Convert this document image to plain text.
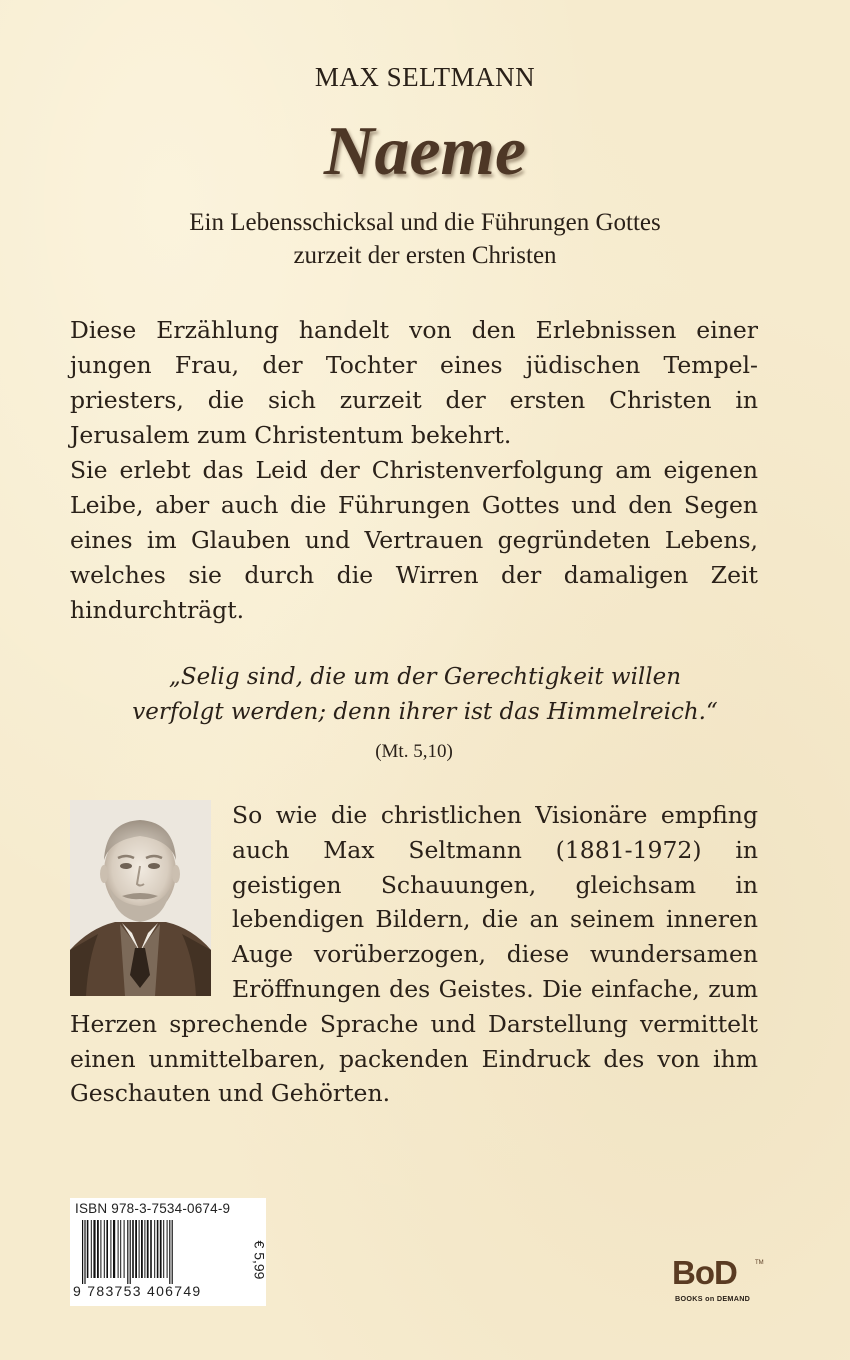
MAX SELTMANN
Naeme
Ein Lebensschicksal und die Führungen Gottes
zurzeit der ersten Christen

Diese Erzählung handelt von den Erlebnissen einer jungen Frau, der Tochter eines jüdischen Tempelpriesters, die sich zurzeit der ersten Christen in Jerusalem zum Christentum bekehrt.

Sie erlebt das Leid der Christenverfolgung am eigenen Leibe, aber auch die Führungen Gottes und den Segen eines im Glauben und Vertrauen gegründeten Lebens, welches sie durch die Wirren der damaligen Zeit hindurchträgt.

„Selig sind, die um der Gerechtigkeit willen
verfolgt werden; denn ihrer ist das Himmelreich.“
(Mt. 5,10)
So wie die christlichen Visionäre empfing auch Max Seltmann (1881-1972) in geistigen Schauungen, gleichsam in lebendigen Bildern, die an seinem inneren Auge vorüberzogen, diese wundersamen Eröffnungen des Geistes. Die einfache, zum Herzen sprechende Sprache und Darstellung vermittelt einen unmittelbaren, packenden Eindruck des von ihm Geschauten und Gehörten.
ISBN 978-3-7534-0674-9
9 783753 406749
€ 5,99	BoD	TM
BOOKS on DEMAND
